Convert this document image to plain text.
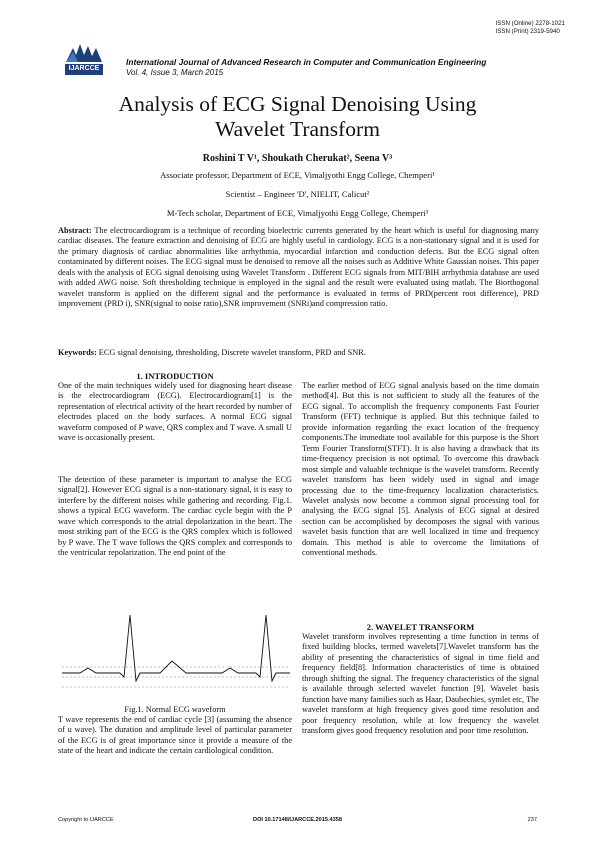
ISSN (Online) 2278-1021
ISSN (Print) 2319-5940
IJARCCE
International Journal of Advanced Research in Computer and Communication Engineering
Vol. 4, Issue 3, March 2015
Analysis of ECG Signal Denoising Using
Wavelet Transform
Roshini T V¹, Shoukath Cherukat², Seena V³
Associate professor, Department of ECE, Vimaljyothi Engg College, Chemperi¹
Scientist – Engineer 'D', NIELIT, Calicut²
M-Tech scholar, Department of ECE, Vimaljyothi Engg College, Chemperi³
Abstract: The electrocardiogram is a technique of recording bioelectric currents generated by the heart which is useful for diagnosing many cardiac diseases. The feature extraction and denoising of ECG are highly useful in cardiology. ECG is a non-stationary signal and it is used for the primary diagnosis of cardiac abnormalities like arrhythmia, myocardial infarction and conduction defects. But the ECG signal often contaminated by different noises. The ECG signal must be denoised to remove all the noises such as Additive White Gaussian noises. This paper deals with the analysis of ECG signal denoising using Wavelet Transform . Different ECG signals from MIT/BIH arrhythmia database are used with added AWG noise. Soft thresholding technique is employed in the signal and the result were evaluated using matlab. The Biorthogonal wavelet transform is applied on the different signal and the performance is evaluated in terms of PRD(percent root difference), PRD improvement (PRD i), SNR(signal to noise ratio),SNR improvement (SNRi)and compression ratio.
Keywords: ECG signal denoising, thresholding, Discrete wavelet transform, PRD and SNR.
1. INTRODUCTION
One of the main techniques widely used for diagnosing heart disease is the electrocardiogram (ECG). Electrocardiogram[1] is the representation of electrical activity of the heart recorded by number of electrodes placed on the body surfaces. A normal ECG signal waveform composed of P wave, QRS complex and T wave. A small U wave is occasionally present.
The detection of these parameter is important to analyse the ECG signal[2]. However ECG signal is a non-stationary signal, it is easy to interfere by the different noises while gathering and recording. Fig.1. shows a typical ECG waveform. The cardiac cycle begin with the P wave which corresponds to the atrial depolarization in the heart. The most striking part of the ECG is the QRS complex which is followed by P wave. The T wave follows the QRS complex and corresponds to the ventricular repolarization. The end point of the
Fig.1. Normal ECG waveform
T wave represents the end of cardiac cycle [3] (assuming the absence of u wave). The duration and amplitude level of particular parameter of the ECG is of great importance since it provide a measure of the state of the heart and indicate the certain cardiological condition.
The earlier method of ECG signal analysis based on the time domain method[4]. But this is not sufficient to study all the features of the ECG signal. To accomplish the frequency components Fast Fourier Transform (FFT) technique is applied. But this technique failed to provide information regarding the exact location of the frequency components.The immediate tool available for this purpose is the Short Term Fourier Transform(STFT). It is also having a drawback that its time-frequency precision is not optimal. To overcome this drawback most simple and valuable technique is the wavelet transform. Recently wavelet transform has been widely used in signal and image processing due to the time-frequency localization characteristics. Wavelet analysis now become a common signal processing tool for analysing the ECG signal [5]. Analysis of ECG signal at desired section can be accomplished by decomposes the signal with various wavelet basis function that are well localized in time and frequency domain. This method is able to overcome the limitations of conventional methods.
2. WAVELET TRANSFORM
Wavelet transform involves representing a time function in terms of fixed building blocks, termed wavelets[7].Wavelet transform has the ability of presenting the characteristics of signal in time field and frequency field[8]. Information characteristics of time is obtained through shifting the signal. The frequency characteristics of the signal is available through selected wavelet function [9]. Wavelet basis function have many families such as Haar, Daubechies, symlet etc, The wavelet transform at high frequency gives good time resolution and poor frequency resolution, while at low frequency the wavelet transform gives good frequency resolution and poor time resolution.
Copyright to IJARCCE	DOI 10.17148/IJARCCE.2015.4358	237
